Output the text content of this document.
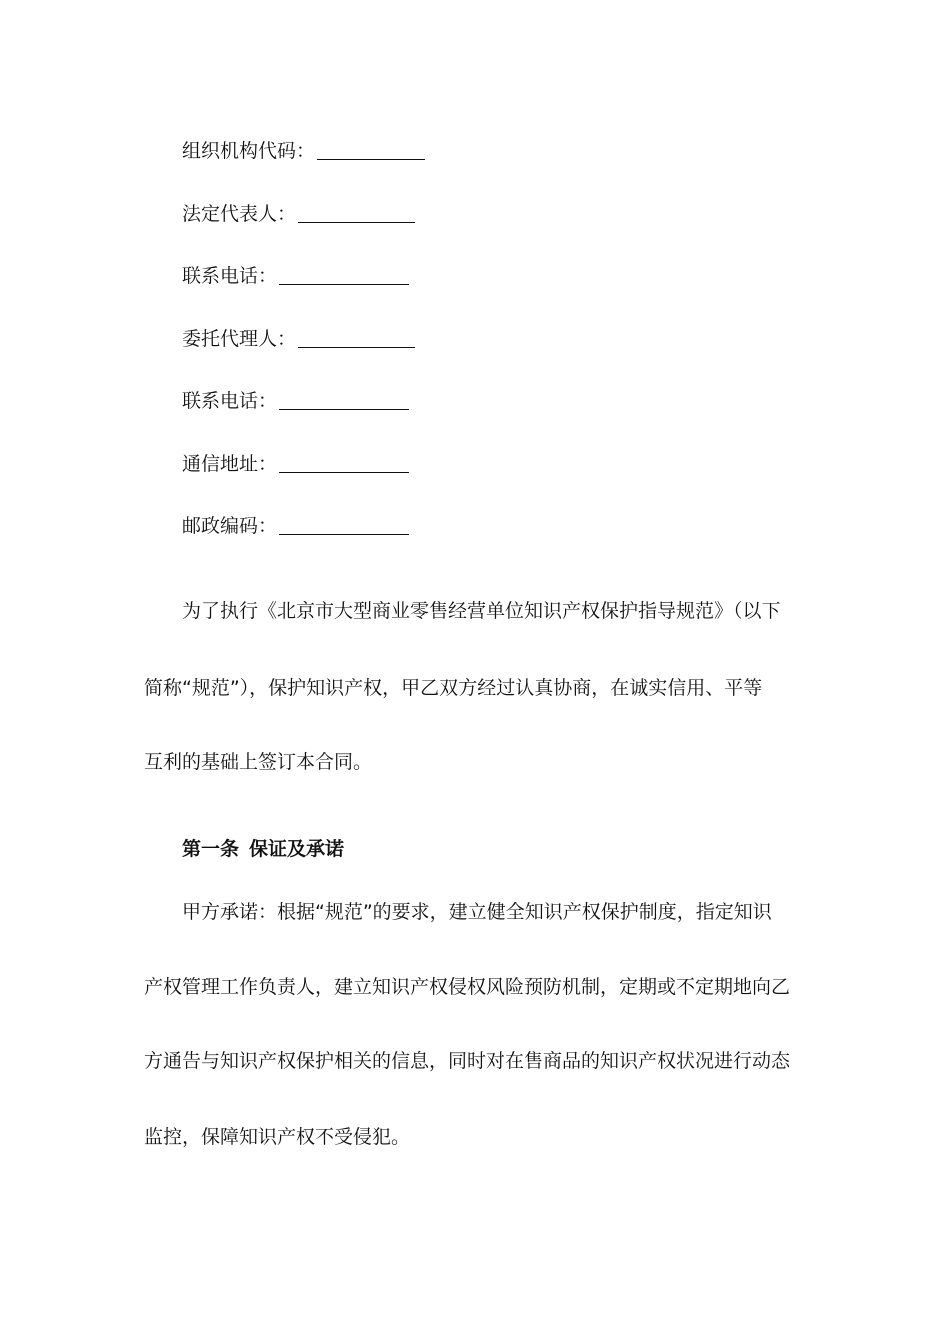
组织机构代码：
法定代表人：
联系电话：
委托代理人：
联系电话：
通信地址：
邮政编码：
为了执行《北京市大型商业零售经营单位知识产权保护指导规范》（以下
简称“规范”），保护知识产权，甲乙双方经过认真协商，在诚实信用、平等
互利的基础上签订本合同。
第一条 保证及承诺
甲方承诺：根据“规范”的要求，建立健全知识产权保护制度，指定知识
产权管理工作负责人，建立知识产权侵权风险预防机制，定期或不定期地向乙
方通告与知识产权保护相关的信息，同时对在售商品的知识产权状况进行动态
监控，保障知识产权不受侵犯。
